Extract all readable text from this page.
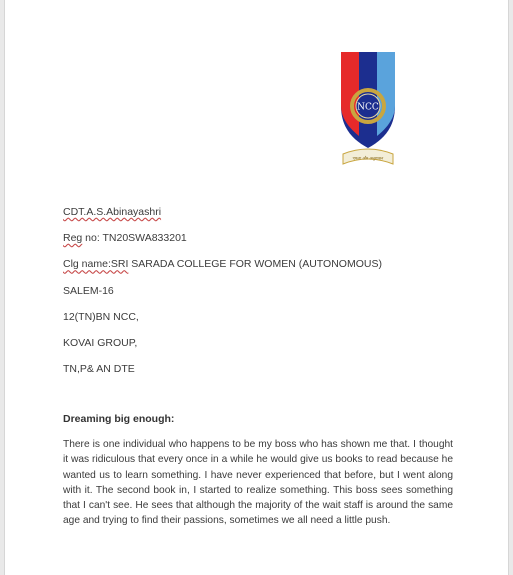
NCC
एकता और अनुशासन
CDT.A.S.Abinayashri
Reg no: TN20SWA833201
Clg name:SRI SARADA COLLEGE FOR WOMEN (AUTONOMOUS)
SALEM-16
12(TN)BN NCC,
KOVAI GROUP,
TN,P& AN DTE
Dreaming big enough:
There is one individual who happens to be my boss who has shown me that. I thought it was ridiculous that every once in a while he would give us books to read because he wanted us to learn something. I have never experienced that before, but I went along with it. The second book in, I started to realize something. This boss sees something that I can't see. He sees that although the majority of the wait staff is around the same age and trying to find their passions, sometimes we all need a little push.
